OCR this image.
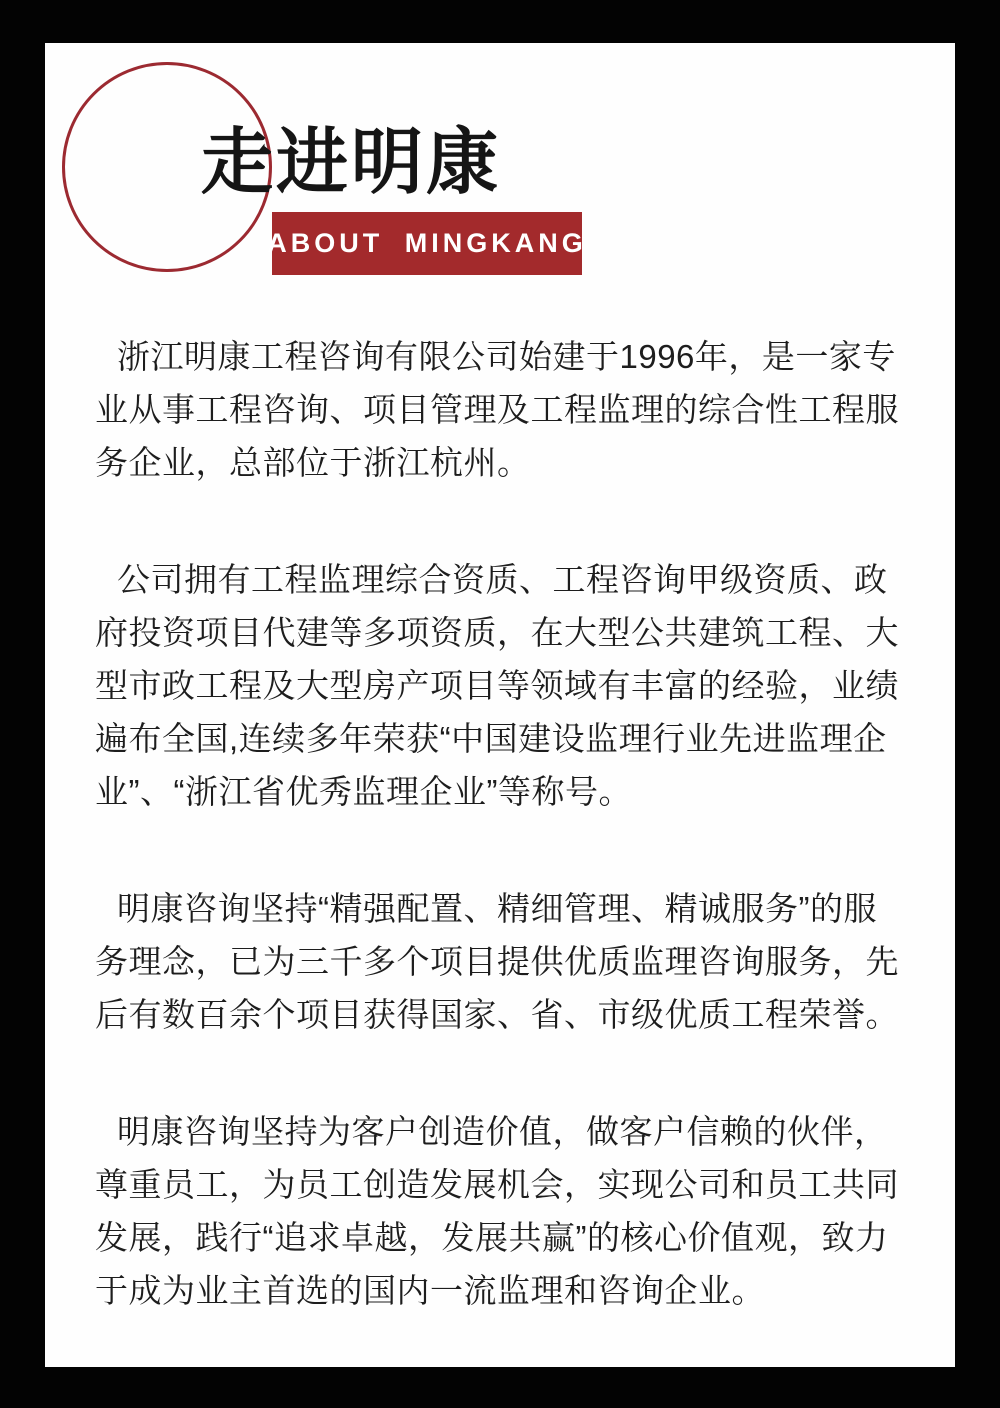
走进明康
ABOUT MINGKANG

浙江明康工程咨询有限公司始建于1996年，是一家专业从事工程咨询、项目管理及工程监理的综合性工程服务企业，总部位于浙江杭州。

公司拥有工程监理综合资质、工程咨询甲级资质、政府投资项目代建等多项资质，在大型公共建筑工程、大型市政工程及大型房产项目等领域有丰富的经验，业绩遍布全国,连续多年荣获“中国建设监理行业先进监理企业”、“浙江省优秀监理企业”等称号。

明康咨询坚持“精强配置、精细管理、精诚服务”的服务理念，已为三千多个项目提供优质监理咨询服务，先后有数百余个项目获得国家、省、市级优质工程荣誉。

明康咨询坚持为客户创造价值，做客户信赖的伙伴，尊重员工，为员工创造发展机会，实现公司和员工共同发展，践行“追求卓越，发展共赢”的核心价值观，致力于成为业主首选的国内一流监理和咨询企业。
